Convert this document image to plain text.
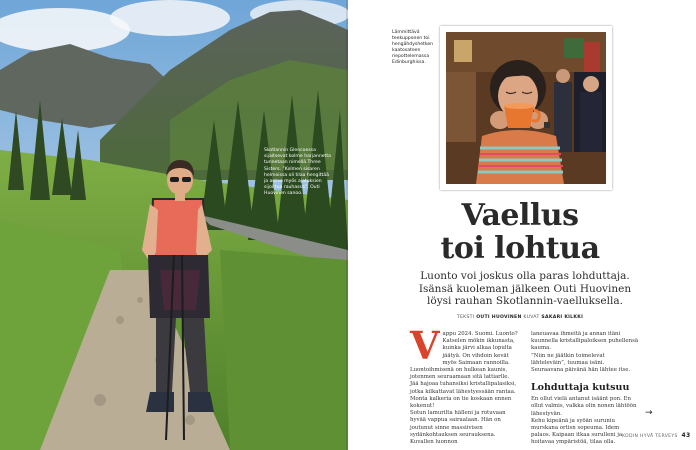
Skotlannin Glencoessa sijaitsevat kolme harjannetta tunnetaan nimellä Three Sisters. ”Kolmen sisaren helmoissa oli tilaa hengittää ja antaa myös ajatuksien sijoittua rauhassa”, Outi Huovinen sanoo.
Lämmittävä teekupponen toi hengähdyshetken kaatosateen riepottelemassa Edinburghissa.
Vaellus
toi lohtua

Luonto voi joskus olla paras lohduttaja. Isänsä kuoleman jälkeen Outi Huovinen löysi rauhan Skotlannin-vaelluksella.

TEKSTI OUTI HUOVINEN KUVAT SAKARI KILKKI

V appu 2024. Suomi. Luonto? Katselen mökin ikkunasta, kuinka järvi alkaa lopulta jäätyä. On vihdoin kevät myös Saimaan rannoilla.

Luontoihmisenä on hulkean kaunis, jotenmen seuraamaan sitä lattiarlle. Jää hajoaa tuhansiksi kristallipalasiksi, jotka kilkattavat lähestyessään rantaa. Monta kalkeria on tie koskaan ennen kokenut!

Sotun lamurilta hälleni ja rotuvaan hyvää vappua sairaalaan. Hän on joutunut sinne massiivisen sydänkohtauksen seurauksena. Kuvallen luonnon

laneuavaa ihmeitä ja annan itäni kuunnella kristallipaloiksen puhellensä kauma.

”Niin ne jäätkin toimelevat lähteleväin”, tuumaa isäni.

Seuraavana päivänä hän lähtee itse.

Lohduttaja kutsuu

En ollut vielä antanut isäänt pon. En ollut valmis, valkka olin nonen lähtöön lähestyvän.

Kehu kipeänä ja syöän suruniu murskana ortisn sopeuma. Idem palaos. Kaipaan itkaa surulleni ja hoitavaa ympäristöä, tilaa olla.

→
KODIN HYVÄ TERVEYS 43
